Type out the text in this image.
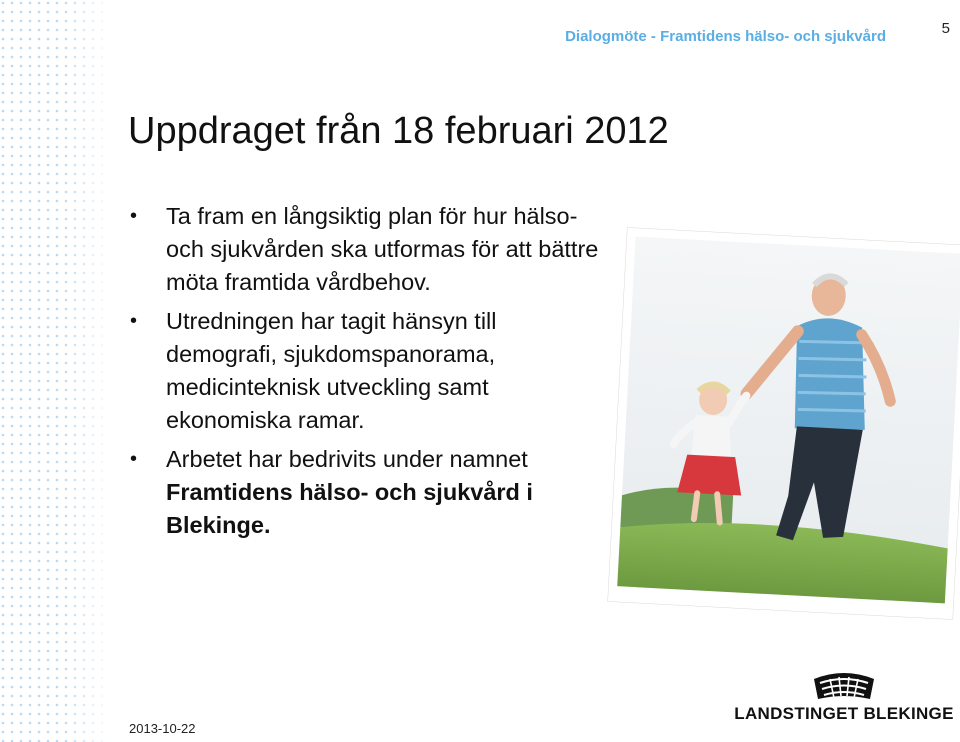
Dialogmöte - Framtidens hälso- och sjukvård	5
Uppdraget från 18 februari 2012
• Ta fram en långsiktig plan för hur hälso- och sjukvården ska utformas för att bättre möta framtida vårdbehov.
• Utredningen har tagit hänsyn till demografi, sjukdomspanorama, medicinteknisk utveckling samt ekonomiska ramar.
• Arbetet har bedrivits under namnet Framtidens hälso- och sjukvård i Blekinge.
2013-10-22
LANDSTINGET BLEKINGE
